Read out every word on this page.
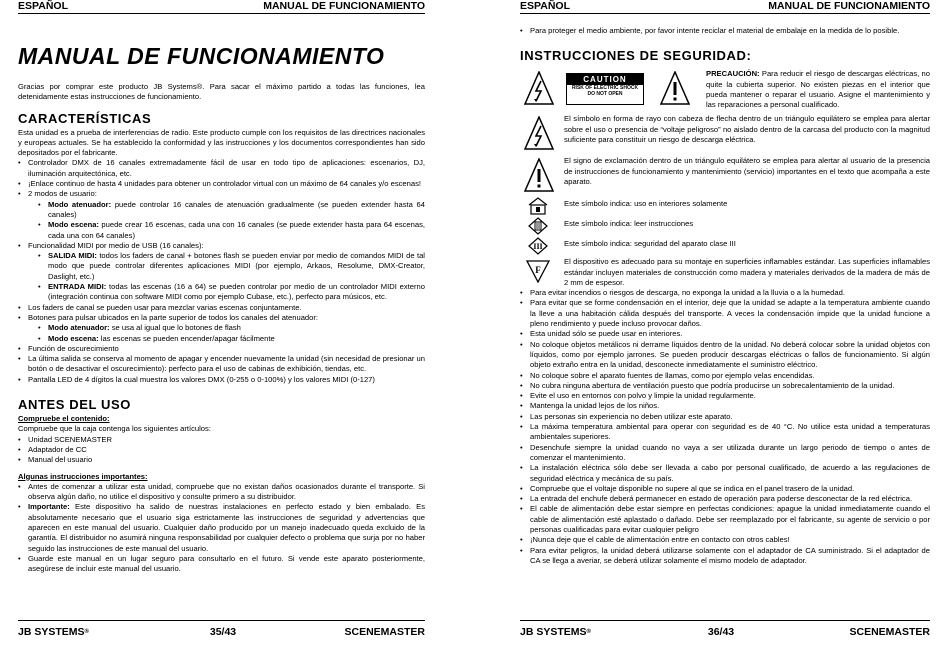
ESPAÑOL	MANUAL DE FUNCIONAMIENTO
MANUAL DE FUNCIONAMIENTO

Gracias por comprar este producto JB Systems®. Para sacar el máximo partido a todas las funciones, lea detenidamente estas instrucciones de funcionamiento.

CARACTERÍSTICAS

Esta unidad es a prueba de interferencias de radio. Este producto cumple con los requisitos de las directrices nacionales y europeas actuales. Se ha establecido la conformidad y las instrucciones y los documentos correspondientes han sido depositados por el fabricante.

• Controlador DMX de 16 canales extremadamente fácil de usar en todo tipo de aplicaciones: escenarios, DJ, iluminación arquitectónica, etc.
• ¡Enlace continuo de hasta 4 unidades para obtener un controlador virtual con un máximo de 64 canales y/o escenas!
• 2 modos de usuario:
• Modo atenuador: puede controlar 16 canales de atenuación gradualmente (se pueden extender hasta 64 canales)
• Modo escena: puede crear 16 escenas, cada una con 16 canales (se puede extender hasta para 64 escenas, cada una con 64 canales)
• Funcionalidad MIDI por medio de USB (16 canales):
• SALIDA MIDI: todos los faders de canal + botones flash se pueden enviar por medio de comandos MIDI de tal modo que puede controlar diferentes aplicaciones MIDI (por ejemplo, Arkaos, Resolume, DMX-Creator, Daslight, etc.)
• ENTRADA MIDI: todas las escenas (16 a 64) se pueden controlar por medio de un controlador MIDI externo (integración continua con software MIDI como por ejemplo Cubase, etc.), perfecto para músicos, etc.
• Los faders de canal se pueden usar para mezclar varias escenas conjuntamente.
• Botones para pulsar ubicados en la parte superior de todos los canales del atenuador:
• Modo atenuador: se usa al igual que lo botones de flash
• Modo escena: las escenas se pueden encender/apagar fácilmente
• Función de oscurecimiento
• La última salida se conserva al momento de apagar y encender nuevamente la unidad (sin necesidad de presionar un botón o de desactivar el oscurecimiento): perfecto para el uso de cabinas de exhibición, tiendas, etc.
• Pantalla LED de 4 dígitos la cual muestra los valores DMX (0-255 o 0-100%) y los valores MIDI (0-127)
ANTES DEL USO

Compruebe el contenido:

Compruebe que la caja contenga los siguientes artículos:

• Unidad SCENEMASTER
• Adaptador de CC
• Manual del usuario

Algunas instrucciones importantes:

• Antes de comenzar a utilizar esta unidad, compruebe que no existan daños ocasionados durante el transporte. Si observa algún daño, no utilice el dispositivo y consulte primero a su distribuidor.
• Importante: Este dispositivo ha salido de nuestras instalaciones en perfecto estado y bien embalado. Es absolutamente necesario que el usuario siga estrictamente las instrucciones de seguridad y advertencias que aparecen en este manual del usuario. Cualquier daño producido por un manejo inadecuado queda excluido de la garantía. El distribuidor no asumirá ninguna responsabilidad por cualquier defecto o problema que surja por no haber seguido las instrucciones de este manual del usuario.
• Guarde este manual en un lugar seguro para consultarlo en el futuro. Si vende este aparato posteriormente, asegúrese de incluir este manual del usuario.
JB SYSTEMS®	35/43	SCENEMASTER
ESPAÑOL	MANUAL DE FUNCIONAMIENTO
• Para proteger el medio ambiente, por favor intente reciclar el material de embalaje en la medida de lo posible.
INSTRUCCIONES DE SEGURIDAD:
CAUTION
RISK OF ELECTRIC SHOCK
DO NOT OPEN

PRECAUCIÓN: Para reducir el riesgo de descargas eléctricas, no quite la cubierta superior. No existen piezas en el interior que pueda mantener o reparar el usuario. Asigne el mantenimiento y las reparaciones a personal cualificado.

El símbolo en forma de rayo con cabeza de flecha dentro de un triángulo equilátero se emplea para alertar sobre el uso o presencia de “voltaje peligroso” no aislado dentro de la carcasa del producto con la magnitud suficiente para constituir un riesgo de descarga eléctrica.
El signo de exclamación dentro de un triángulo equilátero se emplea para alertar al usuario de la presencia de instrucciones de funcionamiento y mantenimiento (servicio) importantes en el texto que acompaña a este aparato.
Este símbolo indica: uso en interiores solamente
Este símbolo indica: leer instrucciones
III	Este símbolo indica: seguridad del aparato clase III
F
El dispositivo es adecuado para su montaje en superficies inflamables estándar. Las superficies inflamables estándar incluyen materiales de construcción como madera y materiales derivados de la madera de más de 2 mm de espesor.
• Para evitar incendios o riesgos de descarga, no exponga la unidad a la lluvia o a la humedad.
• Para evitar que se forme condensación en el interior, deje que la unidad se adapte a la temperatura ambiente cuando la lleve a una habitación cálida después del transporte. A veces la condensación impide que la unidad funcione a pleno rendimiento y puede incluso provocar daños.
• Esta unidad sólo se puede usar en interiores.
• No coloque objetos metálicos ni derrame líquidos dentro de la unidad. No deberá colocar sobre la unidad objetos con líquidos, como por ejemplo jarrones. Se pueden producir descargas eléctricas o fallos de funcionamiento. Si algún objeto extraño entra en la unidad, desconecte inmediatamente el suministro eléctrico.
• No coloque sobre el aparato fuentes de llamas, como por ejemplo velas encendidas.
• No cubra ninguna abertura de ventilación puesto que podría producirse un sobrecalentamiento de la unidad.
• Evite el uso en entornos con polvo y limpie la unidad regularmente.
• Mantenga la unidad lejos de los niños.
• Las personas sin experiencia no deben utilizar este aparato.
• La máxima temperatura ambiental para operar con seguridad es de 40 °C. No utilice esta unidad a temperaturas ambientales superiores.
• Desenchufe siempre la unidad cuando no vaya a ser utilizada durante un largo periodo de tiempo o antes de comenzar el mantenimiento.
• La instalación eléctrica sólo debe ser llevada a cabo por personal cualificado, de acuerdo a las regulaciones de seguridad eléctrica y mecánica de su país.
• Compruebe que el voltaje disponible no supere al que se indica en el panel trasero de la unidad.
• La entrada del enchufe deberá permanecer en estado de operación para poderse desconectar de la red eléctrica.
• El cable de alimentación debe estar siempre en perfectas condiciones: apague la unidad inmediatamente cuando el cable de alimentación esté aplastado o dañado. Debe ser reemplazado por el fabricante, su agente de servicio o por personas cualificadas para evitar cualquier peligro
• ¡Nunca deje que el cable de alimentación entre en contacto con otros cables!
• Para evitar peligros, la unidad deberá utilizarse solamente con el adaptador de CA suministrado. Si el adaptador de CA se llega a averiar, se deberá utilizar solamente el mismo modelo de adaptador.
JB SYSTEMS®	36/43	SCENEMASTER
